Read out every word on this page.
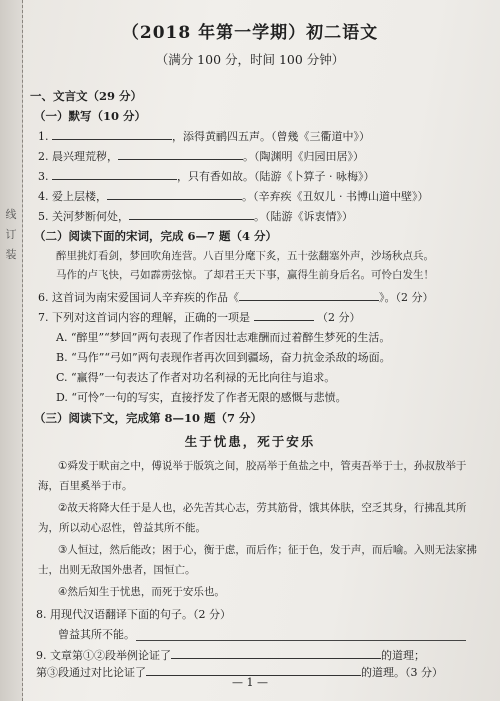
线
订
装
（2018 年第一学期）初二语文
（满分 100 分，时间 100 分钟）
一、文言文（29 分）
（一）默写（10 分）
1.	，添得黄鹂四五声。（曾幾《三衢道中》）
2. 晨兴理荒秽，	。（陶渊明《归园田居》）
3.	，只有香如故。（陆游《卜算子 · 咏梅》）
4. 爱上层楼，	。（辛弃疾《丑奴儿 · 书博山道中壁》）
5. 关河梦断何处，	。（陆游《诉衷情》）
（二）阅读下面的宋词，完成 6—7 题（4 分）
醉里挑灯看剑，梦回吹角连营。八百里分麾下炙，五十弦翻塞外声，沙场秋点兵。
马作的卢飞快，弓如霹雳弦惊。了却君王天下事，赢得生前身后名。可怜白发生！
6. 这首词为南宋爱国词人辛弃疾的作品《	》。（2 分）
7. 下列对这首词内容的理解，正确的一项是	（2 分）
A. “醉里”“梦回”两句表现了作者因壮志难酬而过着醉生梦死的生活。
B. “马作”“弓如”两句表现作者再次回到疆场，奋力抗金杀敌的场面。
C. “赢得”一句表达了作者对功名利禄的无比向往与追求。
D. “可怜”一句的写实，直接抒发了作者无限的感慨与悲愤。
（三）阅读下文，完成第 8—10 题（7 分）
生于忧患，死于安乐
①舜发于畎亩之中，傅说举于版筑之间，胶鬲举于鱼盐之中，管夷吾举于士，孙叔敖举于
海，百里奚举于市。
②故天将降大任于是人也，必先苦其心志，劳其筋骨，饿其体肤，空乏其身，行拂乱其所
为，所以动心忍性，曾益其所不能。
③人恒过，然后能改；困于心，衡于虑，而后作；征于色，发于声，而后喻。入则无法家拂
士，出则无敌国外患者，国恒亡。
④然后知生于忧患，而死于安乐也。
8. 用现代汉语翻译下面的句子。（2 分）
曾益其所不能。
9. 文章第①②段举例论证了	的道理；
第③段通过对比论证了	的道理。（3 分）
— 1 —
